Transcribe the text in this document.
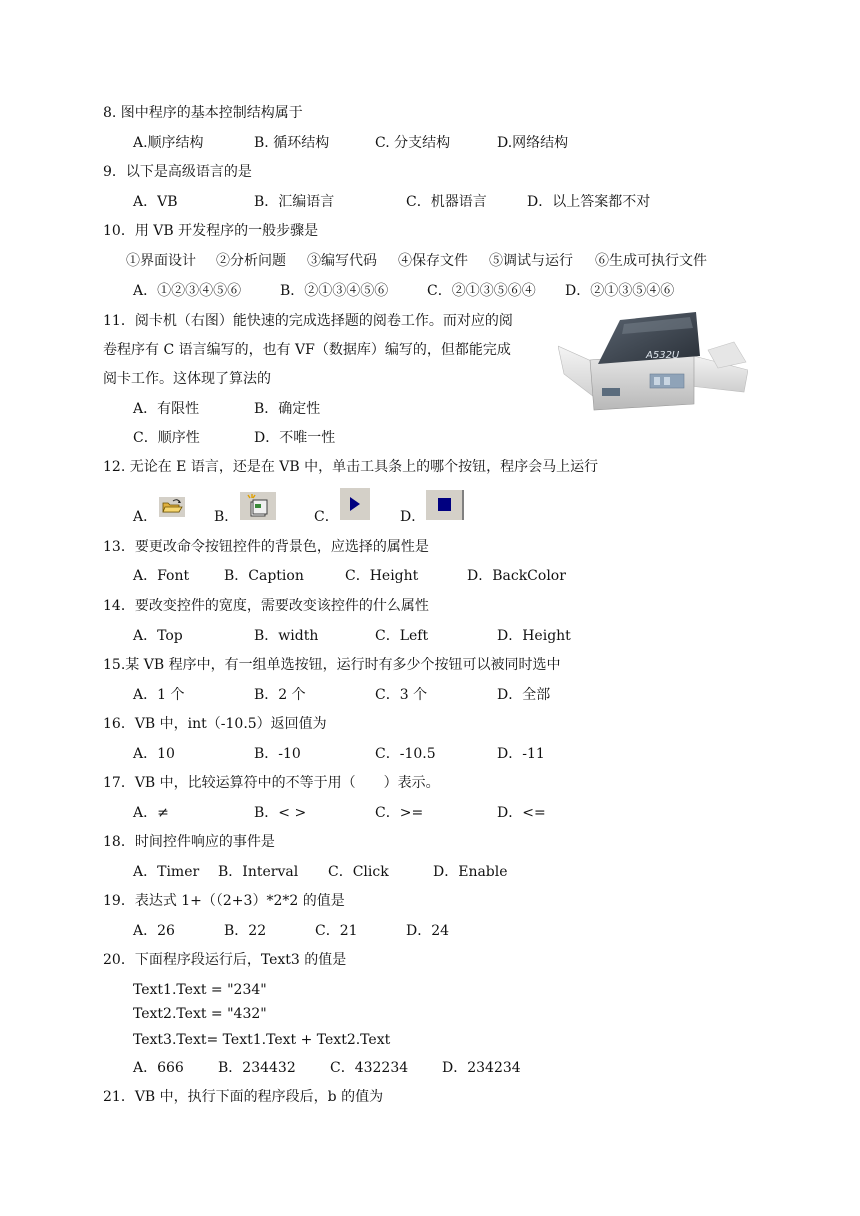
8. 图中程序的基本控制结构属于
A.顺序结构	B. 循环结构	C. 分支结构	D.网络结构
9．以下是高级语言的是
A．VB	B．汇编语言	C．机器语言	D．以上答案都不对
10．用 VB 开发程序的一般步骤是
①界面设计 ②分析问题 ③编写代码 ④保存文件 ⑤调试与运行 ⑥生成可执行文件
A．①②③④⑤⑥	B．②①③④⑤⑥	C．②①③⑤⑥④ D．②①③⑤④⑥
11．阅卡机（右图）能快速的完成选择题的阅卷工作。而对应的阅
卷程序有 C 语言编写的，也有 VF（数据库）编写的，但都能完成
阅卡工作。这体现了算法的
A．有限性	B．确定性
C．顺序性	D．不唯一性
A532U
12. 无论在 E 语言，还是在 VB 中，单击工具条上的哪个按钮，程序会马上运行
A．	B．	C．	D．
13．要更改命令按钮控件的背景色，应选择的属性是
A．Font B．Caption	C．Height	D．BackColor
14．要改变控件的宽度，需要改变该控件的什么属性
A．Top	B．width	C．Left	D．Height
15.某 VB 程序中，有一组单选按钮，运行时有多少个按钮可以被同时选中
A．1 个	B．2 个	C．3 个	D．全部
16．VB 中，int（-10.5）返回值为
A．10	B．-10	C．-10.5	D．-11
17．VB 中，比较运算符中的不等于用（　　）表示。
A．≠	B．< >	C．>=	D．<=
18．时间控件响应的事件是
A．Timer B．Interval C．Click	D．Enable
19．表达式 1+（（2+3）*2*2 的值是
A．26	B．22	C．21	D．24
20．下面程序段运行后，Text3 的值是
Text1.Text = "234"
Text2.Text = "432"
Text3.Text= Text1.Text + Text2.Text
A．666 B．234432 C．432234 D．234234
21．VB 中，执行下面的程序段后，b 的值为
